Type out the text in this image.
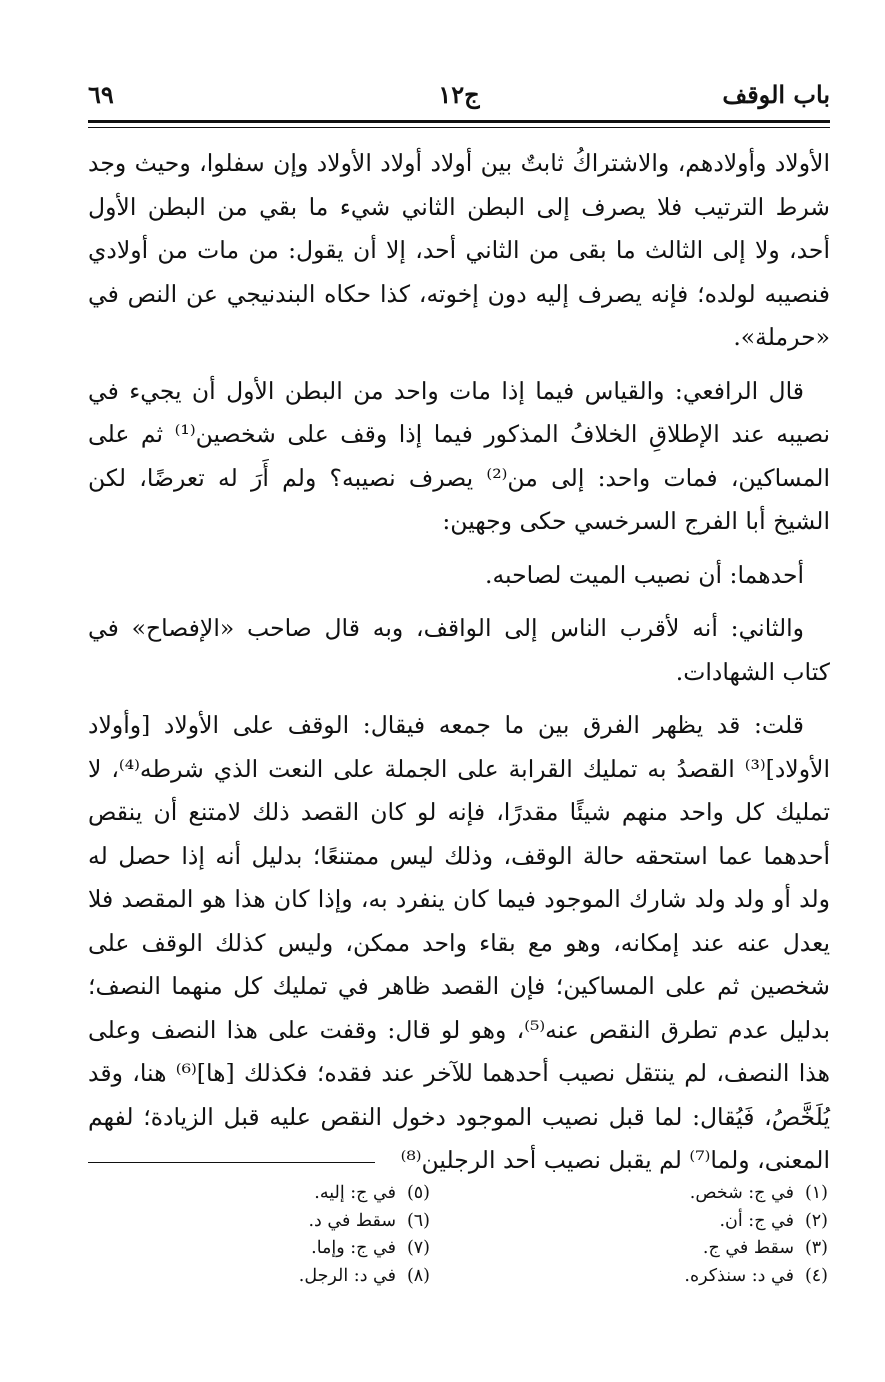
باب الوقف
ج١٢
٦٩

الأولاد وأولادهم، والاشتراكُ ثابتٌ بين أولاد أولاد الأولاد وإن سفلوا، وحيث وجد شرط الترتيب فلا يصرف إلى البطن الثاني شيء ما بقي من البطن الأول أحد، ولا إلى الثالث ما بقى من الثاني أحد، إلا أن يقول: من مات من أولادي فنصيبه لولده؛ فإنه يصرف إليه دون إخوته، كذا حكاه البندنيجي عن النص في «حرملة».

قال الرافعي: والقياس فيما إذا مات واحد من البطن الأول أن يجيء في نصيبه عند الإطلاقِ الخلافُ المذكور فيما إذا وقف على شخصين⁽¹⁾ ثم على المساكين، فمات واحد: إلى من⁽²⁾ يصرف نصيبه؟ ولم أَرَ له تعرضًا، لكن الشيخ أبا الفرج السرخسي حكى وجهين:

أحدهما: أن نصيب الميت لصاحبه.

والثاني: أنه لأقرب الناس إلى الواقف، وبه قال صاحب «الإفصاح» في كتاب الشهادات.

قلت: قد يظهر الفرق بين ما جمعه فيقال: الوقف على الأولاد [وأولاد الأولاد]⁽³⁾ القصدُ به تمليك القرابة على الجملة على النعت الذي شرطه⁽⁴⁾، لا تمليك كل واحد منهم شيئًا مقدرًا، فإنه لو كان القصد ذلك لامتنع أن ينقص أحدهما عما استحقه حالة الوقف، وذلك ليس ممتنعًا؛ بدليل أنه إذا حصل له ولد أو ولد ولد شارك الموجود فيما كان ينفرد به، وإذا كان هذا هو المقصد فلا يعدل عنه عند إمكانه، وهو مع بقاء واحد ممكن، وليس كذلك الوقف على شخصين ثم على المساكين؛ فإن القصد ظاهر في تمليك كل منهما النصف؛ بدليل عدم تطرق النقص عنه⁽⁵⁾، وهو لو قال: وقفت على هذا النصف وعلى هذا النصف، لم ينتقل نصيب أحدهما للآخر عند فقده؛ فكذلك [ها]⁽⁶⁾ هنا، وقد يُلَخَّصُ، فَيُقال: لما قبل نصيب الموجود دخول النقص عليه قبل الزيادة؛ لفهم المعنى، ولما⁽⁷⁾ لم يقبل نصيب أحد الرجلين⁽⁸⁾

(١)في ج: شخص.
(٢)في ج: أن.
(٣)سقط في ج.
(٤)في د: سنذكره.
(٥)في ج: إليه.
(٦)سقط في د.
(٧)في ج: وإما.
(٨)في د: الرجل.
